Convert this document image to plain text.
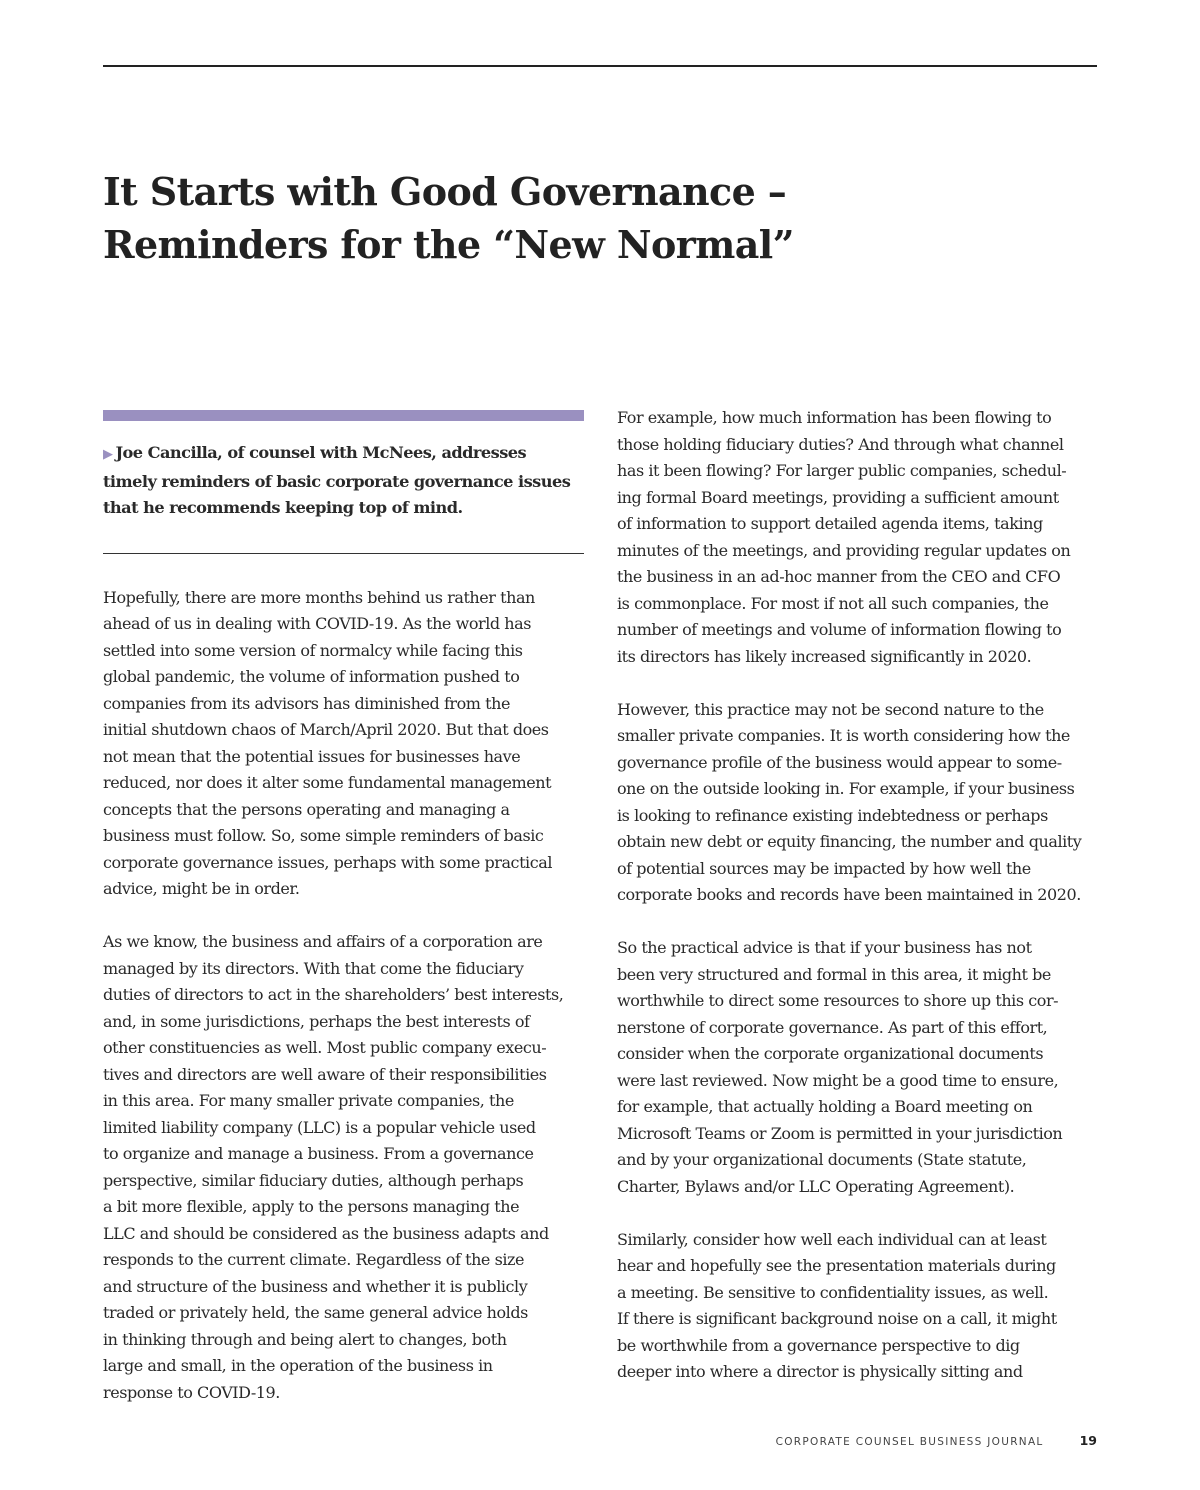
It Starts with Good Governance –
Reminders for the “New Normal”
▶ Joe Cancilla, of counsel with McNees, addresses
timely reminders of basic corporate governance issues
that he recommends keeping top of mind.

Hopefully, there are more months behind us rather than
ahead of us in dealing with COVID-19. As the world has
settled into some version of normalcy while facing this
global pandemic, the volume of information pushed to
companies from its advisors has diminished from the
initial shutdown chaos of March/April 2020. But that does
not mean that the potential issues for businesses have
reduced, nor does it alter some fundamental management
concepts that the persons operating and managing a
business must follow. So, some simple reminders of basic
corporate governance issues, perhaps with some practical
advice, might be in order.

As we know, the business and affairs of a corporation are
managed by its directors. With that come the fiduciary
duties of directors to act in the shareholders’ best interests,
and, in some jurisdictions, perhaps the best interests of
other constituencies as well. Most public company execu-
tives and directors are well aware of their responsibilities
in this area. For many smaller private companies, the
limited liability company (LLC) is a popular vehicle used
to organize and manage a business. From a governance
perspective, similar fiduciary duties, although perhaps
a bit more flexible, apply to the persons managing the
LLC and should be considered as the business adapts and
responds to the current climate. Regardless of the size
and structure of the business and whether it is publicly
traded or privately held, the same general advice holds
in thinking through and being alert to changes, both
large and small, in the operation of the business in
response to COVID-19.

For example, how much information has been flowing to
those holding fiduciary duties? And through what channel
has it been flowing? For larger public companies, schedul-
ing formal Board meetings, providing a sufficient amount
of information to support detailed agenda items, taking
minutes of the meetings, and providing regular updates on
the business in an ad-hoc manner from the CEO and CFO
is commonplace. For most if not all such companies, the
number of meetings and volume of information flowing to
its directors has likely increased significantly in 2020.

However, this practice may not be second nature to the
smaller private companies. It is worth considering how the
governance profile of the business would appear to some-
one on the outside looking in. For example, if your business
is looking to refinance existing indebtedness or perhaps
obtain new debt or equity financing, the number and quality
of potential sources may be impacted by how well the
corporate books and records have been maintained in 2020.

So the practical advice is that if your business has not
been very structured and formal in this area, it might be
worthwhile to direct some resources to shore up this cor-
nerstone of corporate governance. As part of this effort,
consider when the corporate organizational documents
were last reviewed. Now might be a good time to ensure,
for example, that actually holding a Board meeting on
Microsoft Teams or Zoom is permitted in your jurisdiction
and by your organizational documents (State statute,
Charter, Bylaws and/or LLC Operating Agreement).

Similarly, consider how well each individual can at least
hear and hopefully see the presentation materials during
a meeting. Be sensitive to confidentiality issues, as well.
If there is significant background noise on a call, it might
be worthwhile from a governance perspective to dig
deeper into where a director is physically sitting and

CORPORATE COUNSEL BUSINESS JOURNAL	19
